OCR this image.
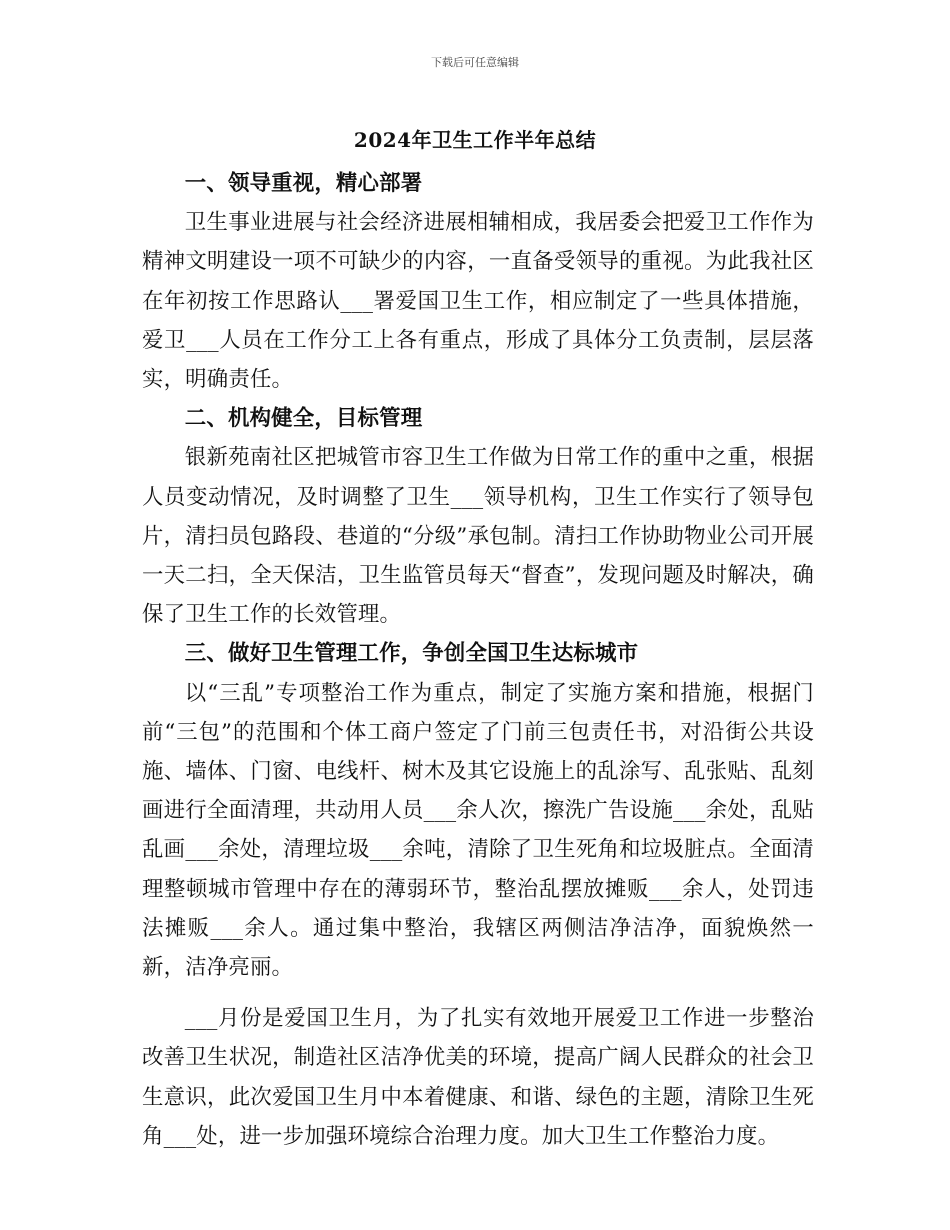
下载后可任意编辑
2024年卫生工作半年总结

一、领导重视，精心部署

卫生事业进展与社会经济进展相辅相成，我居委会把爱卫工作作为精神文明建设一项不可缺少的内容，一直备受领导的重视。为此我社区在年初按工作思路认___署爱国卫生工作，相应制定了一些具体措施，爱卫___人员在工作分工上各有重点，形成了具体分工负责制，层层落实，明确责任。

二、机构健全，目标管理

银新苑南社区把城管市容卫生工作做为日常工作的重中之重，根据人员变动情况，及时调整了卫生___领导机构，卫生工作实行了领导包片，清扫员包路段、巷道的“分级”承包制。清扫工作协助物业公司开展一天二扫，全天保洁，卫生监管员每天“督查”，发现问题及时解决，确保了卫生工作的长效管理。

三、做好卫生管理工作，争创全国卫生达标城市

以“三乱”专项整治工作为重点，制定了实施方案和措施，根据门前“三包”的范围和个体工商户签定了门前三包责任书，对沿街公共设施、墙体、门窗、电线杆、树木及其它设施上的乱涂写、乱张贴、乱刻画进行全面清理，共动用人员___余人次，擦洗广告设施___余处，乱贴乱画___余处，清理垃圾___余吨，清除了卫生死角和垃圾脏点。全面清理整顿城市管理中存在的薄弱环节，整治乱摆放摊贩___余人，处罚违法摊贩___余人。通过集中整治，我辖区两侧洁净洁净，面貌焕然一新，洁净亮丽。

___月份是爱国卫生月，为了扎实有效地开展爱卫工作进一步整治改善卫生状况，制造社区洁净优美的环境，提高广阔人民群众的社会卫生意识，此次爱国卫生月中本着健康、和谐、绿色的主题，清除卫生死角___处，进一步加强环境综合治理力度。加大卫生工作整治力度。
